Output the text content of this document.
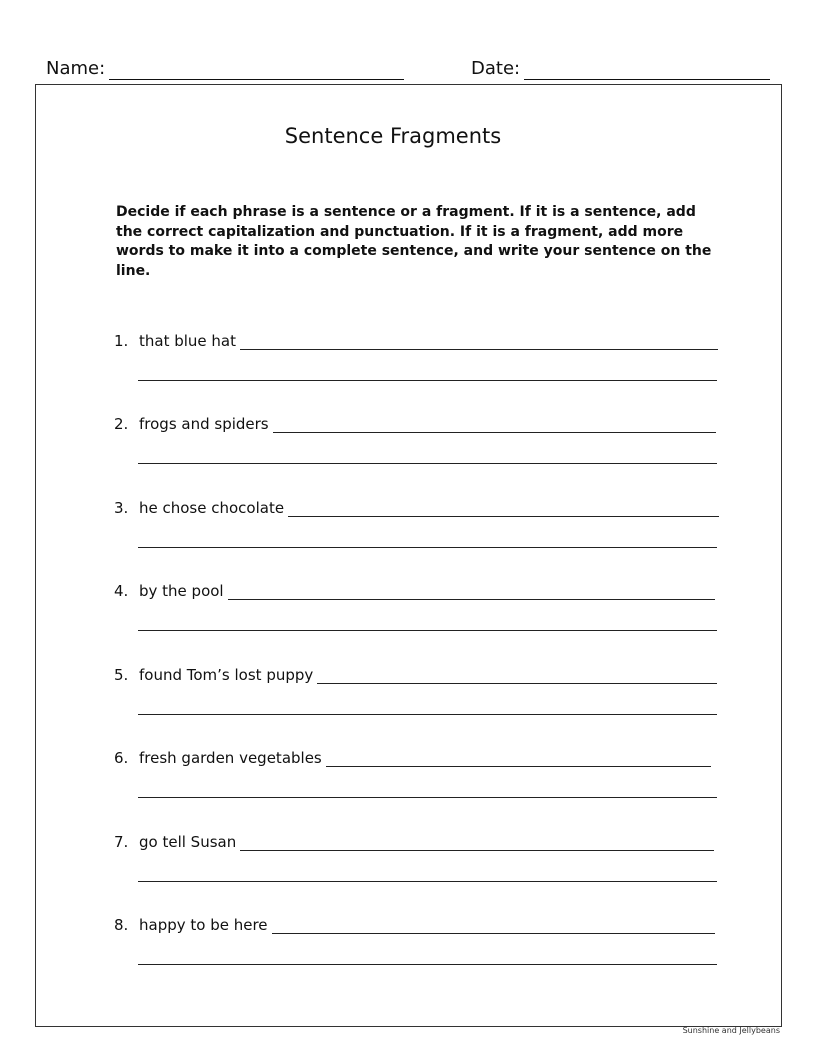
Name:	Date:
Sentence Fragments
Decide if each phrase is a sentence or a fragment. If it is a sentence, add the correct capitalization and punctuation. If it is a fragment, add more words to make it into a complete sentence, and write your sentence on the line.
1. that blue hat
2. frogs and spiders
3. he chose chocolate
4. by the pool
5. found Tom’s lost puppy
6. fresh garden vegetables
7. go tell Susan
8. happy to be here
Sunshine and Jellybeans
